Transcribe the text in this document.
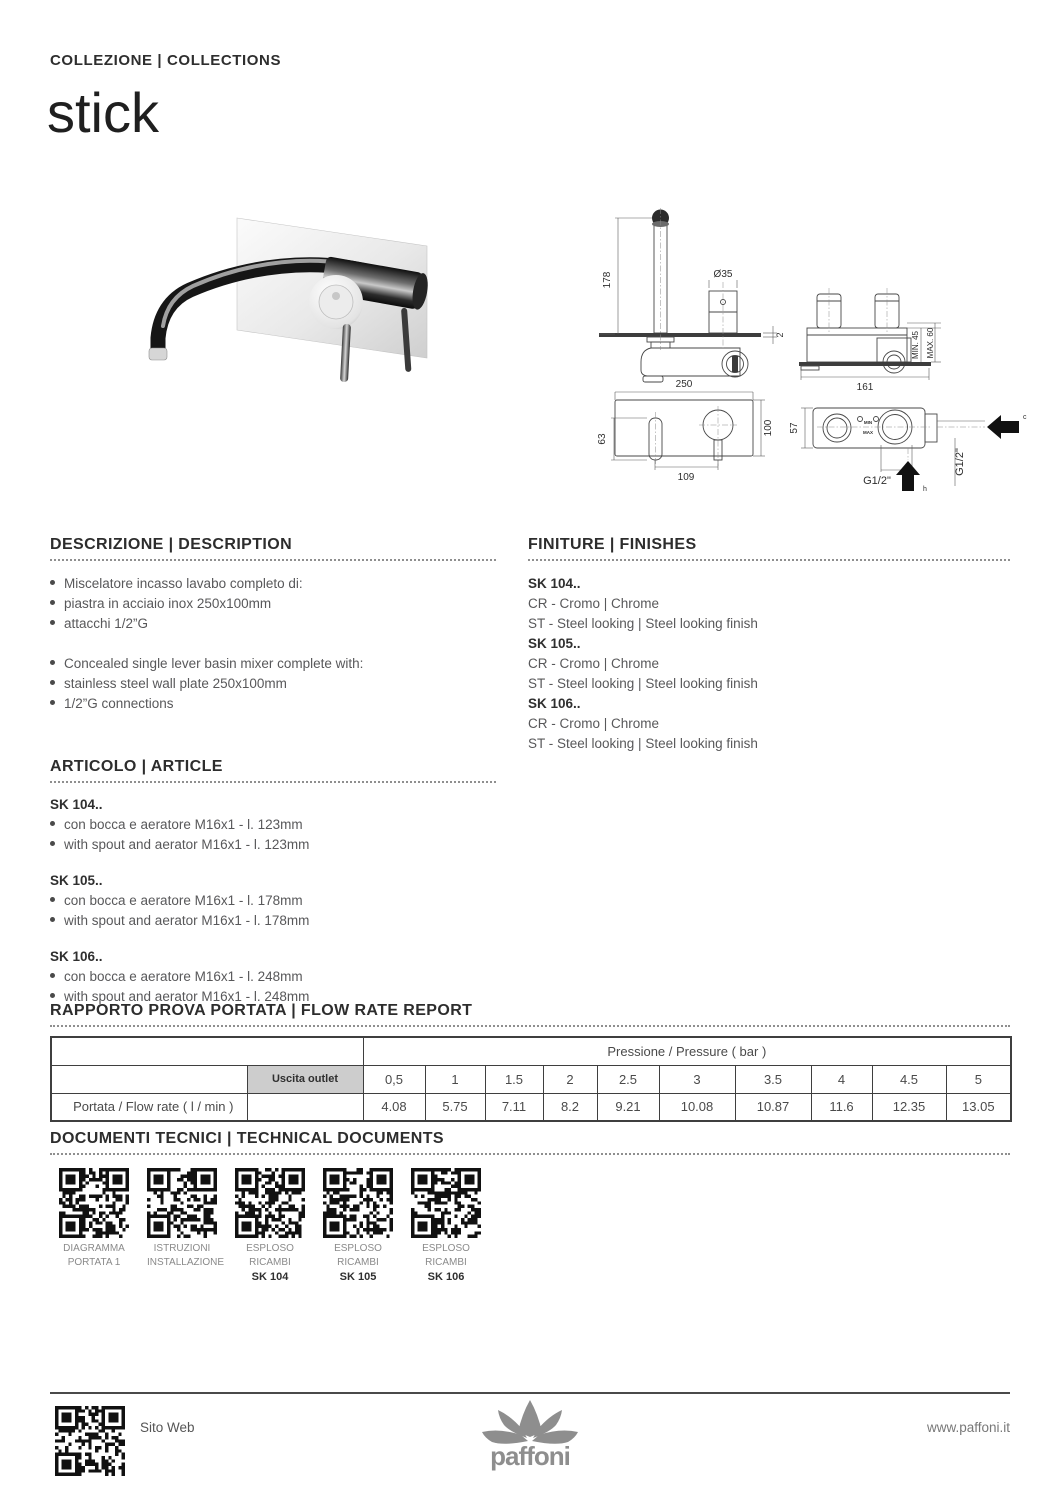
COLLEZIONE | COLLECTIONS
stick
178	Ø35
2
250
100
63
109
161
MIN. 45 MAX. 60
57	MIN
MAX
G1/2"
G1/2"
c
h
DESCRIZIONE | DESCRIPTION
Miscelatore incasso lavabo completo di:
piastra in acciaio inox 250x100mm
attacchi 1/2”G
Concealed single lever basin mixer complete with:
stainless steel wall plate 250x100mm
1/2”G connections
FINITURE | FINISHES
SK 104..
CR - Cromo | Chrome
ST - Steel looking | Steel looking finish
SK 105..
CR - Cromo | Chrome
ST - Steel looking | Steel looking finish
SK 106..
CR - Cromo | Chrome
ST - Steel looking | Steel looking finish
ARTICOLO | ARTICLE
SK 104..
con bocca e aeratore M16x1 - l. 123mm
with spout and aerator M16x1 - l. 123mm
SK 105..
con bocca e aeratore M16x1 - l. 178mm
with spout and aerator M16x1 - l. 178mm
SK 106..
con bocca e aeratore M16x1 - l. 248mm
with spout and aerator M16x1 - l. 248mm
RAPPORTO PROVA PORTATA | FLOW RATE REPORT
		Pressione / Pressure ( bar )									
	Uscita outlet	0,5	1	1.5	2	2.5	3	3.5	4	4.5	5
Portata / Flow rate ( l / min )		4.08	5.75	7.11	8.2	9.21	10.08	10.87	11.6	12.35	13.05
DOCUMENTI TECNICI | TECHNICAL DOCUMENTS
DIAGRAMMA
PORTATA 1
ISTRUZIONI
INSTALLAZIONE
ESPLOSO
RICAMBI
SK 104
ESPLOSO
RICAMBI
SK 105
ESPLOSO
RICAMBI
SK 106
Sito Web
paffoni
www.paffoni.it
